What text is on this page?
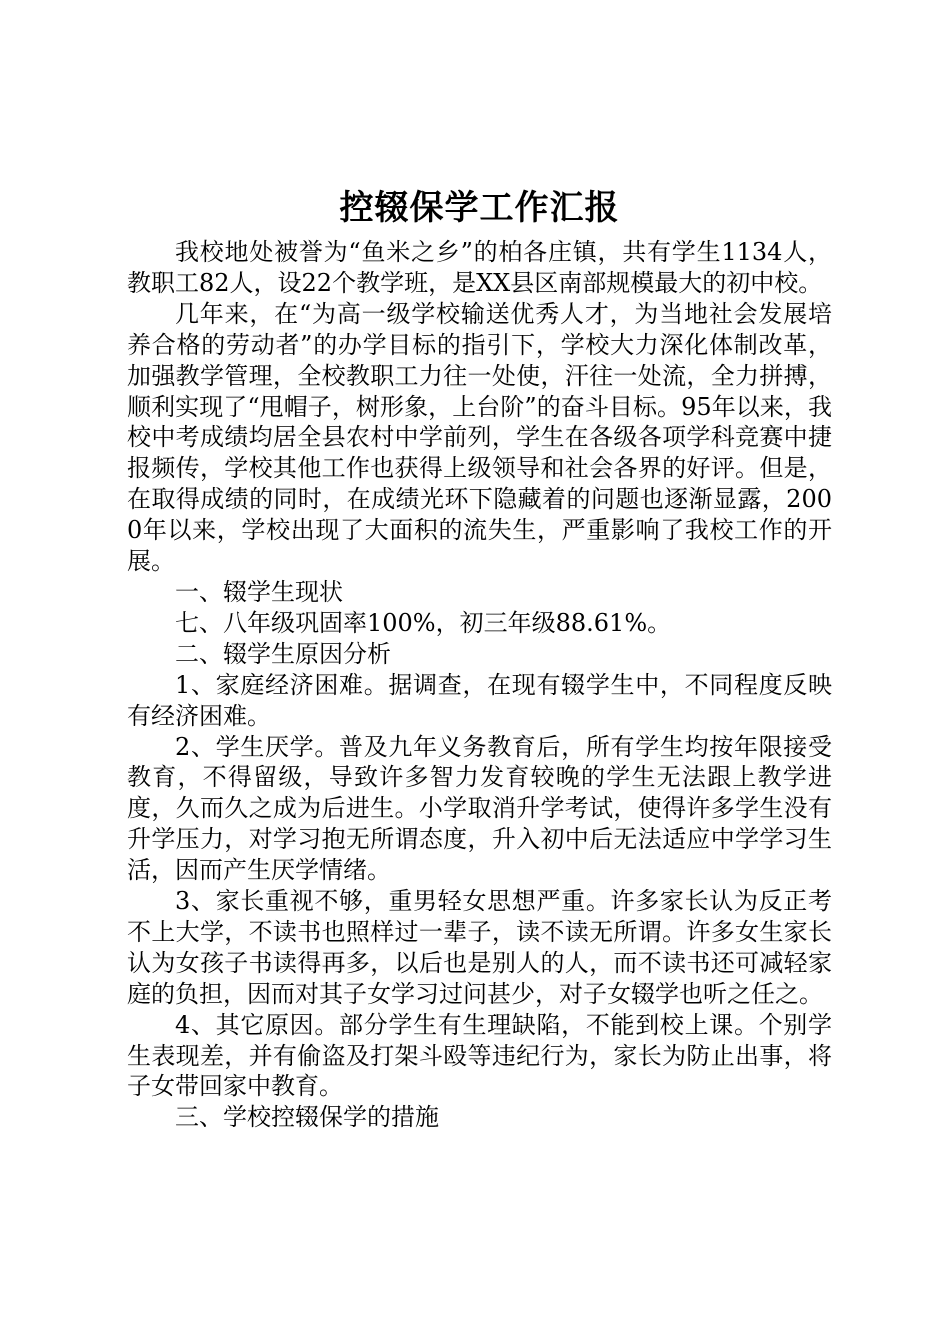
控辍保学工作汇报

我校地处被誉为“鱼米之乡”的柏各庄镇，共有学生1134人，教职工82人，设22个教学班，是XX县区南部规模最大的初中校。

几年来，在“为高一级学校输送优秀人才，为当地社会发展培养合格的劳动者”的办学目标的指引下，学校大力深化体制改革，加强教学管理，全校教职工力往一处使，汗往一处流，全力拼搏，顺利实现了“甩帽子，树形象，上台阶”的奋斗目标。95年以来，我校中考成绩均居全县农村中学前列，学生在各级各项学科竞赛中捷报频传，学校其他工作也获得上级领导和社会各界的好评。但是，在取得成绩的同时，在成绩光环下隐藏着的问题也逐渐显露，2000年以来，学校出现了大面积的流失生，严重影响了我校工作的开展。

一、辍学生现状

七、八年级巩固率100%，初三年级88.61%。

二、辍学生原因分析

1、家庭经济困难。据调查，在现有辍学生中，不同程度反映有经济困难。

2、学生厌学。普及九年义务教育后，所有学生均按年限接受教育，不得留级，导致许多智力发育较晚的学生无法跟上教学进度，久而久之成为后进生。小学取消升学考试，使得许多学生没有升学压力，对学习抱无所谓态度，升入初中后无法适应中学学习生活，因而产生厌学情绪。

3、家长重视不够，重男轻女思想严重。许多家长认为反正考不上大学，不读书也照样过一辈子，读不读无所谓。许多女生家长认为女孩子书读得再多，以后也是别人的人，而不读书还可减轻家庭的负担，因而对其子女学习过问甚少，对子女辍学也听之任之。

4、其它原因。部分学生有生理缺陷，不能到校上课。个别学生表现差，并有偷盗及打架斗殴等违纪行为，家长为防止出事，将子女带回家中教育。

三、学校控辍保学的措施
